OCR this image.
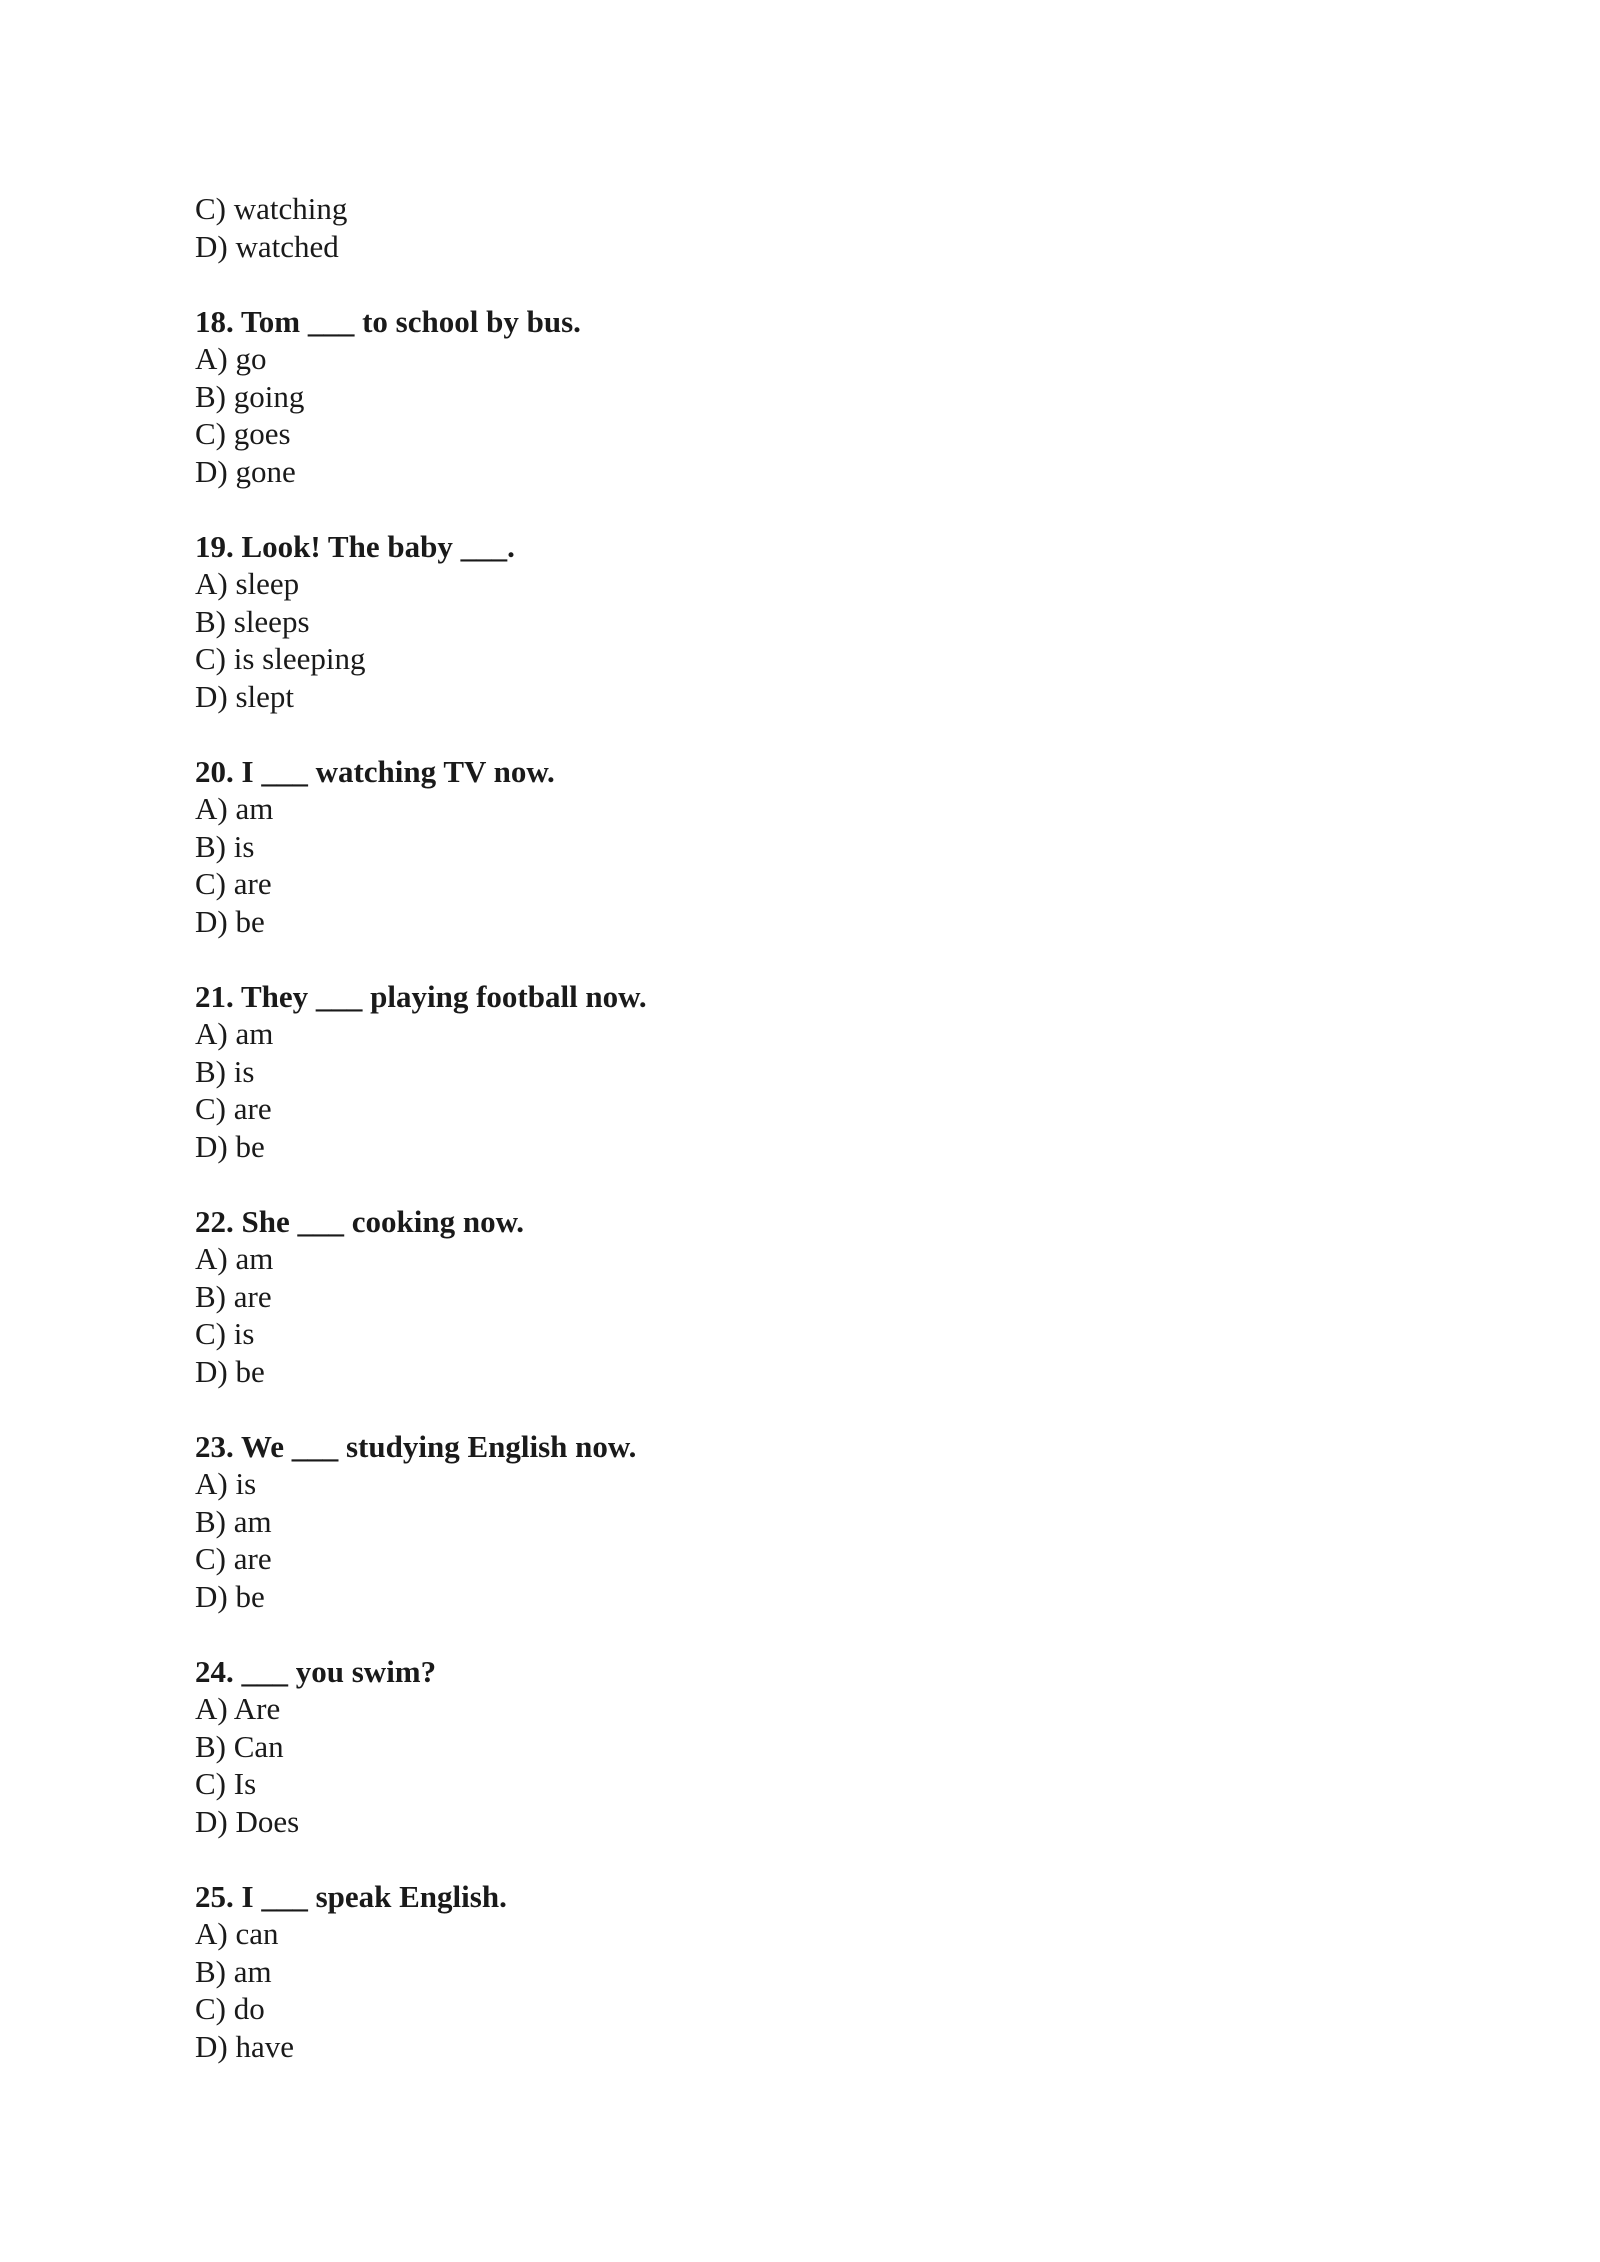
C) watching
D) watched
18. Tom ___ to school by bus.
A) go
B) going
C) goes
D) gone
19. Look! The baby ___.
A) sleep
B) sleeps
C) is sleeping
D) slept
20. I ___ watching TV now.
A) am
B) is
C) are
D) be
21. They ___ playing football now.
A) am
B) is
C) are
D) be
22. She ___ cooking now.
A) am
B) are
C) is
D) be
23. We ___ studying English now.
A) is
B) am
C) are
D) be
24. ___ you swim?
A) Are
B) Can
C) Is
D) Does
25. I ___ speak English.
A) can
B) am
C) do
D) have
